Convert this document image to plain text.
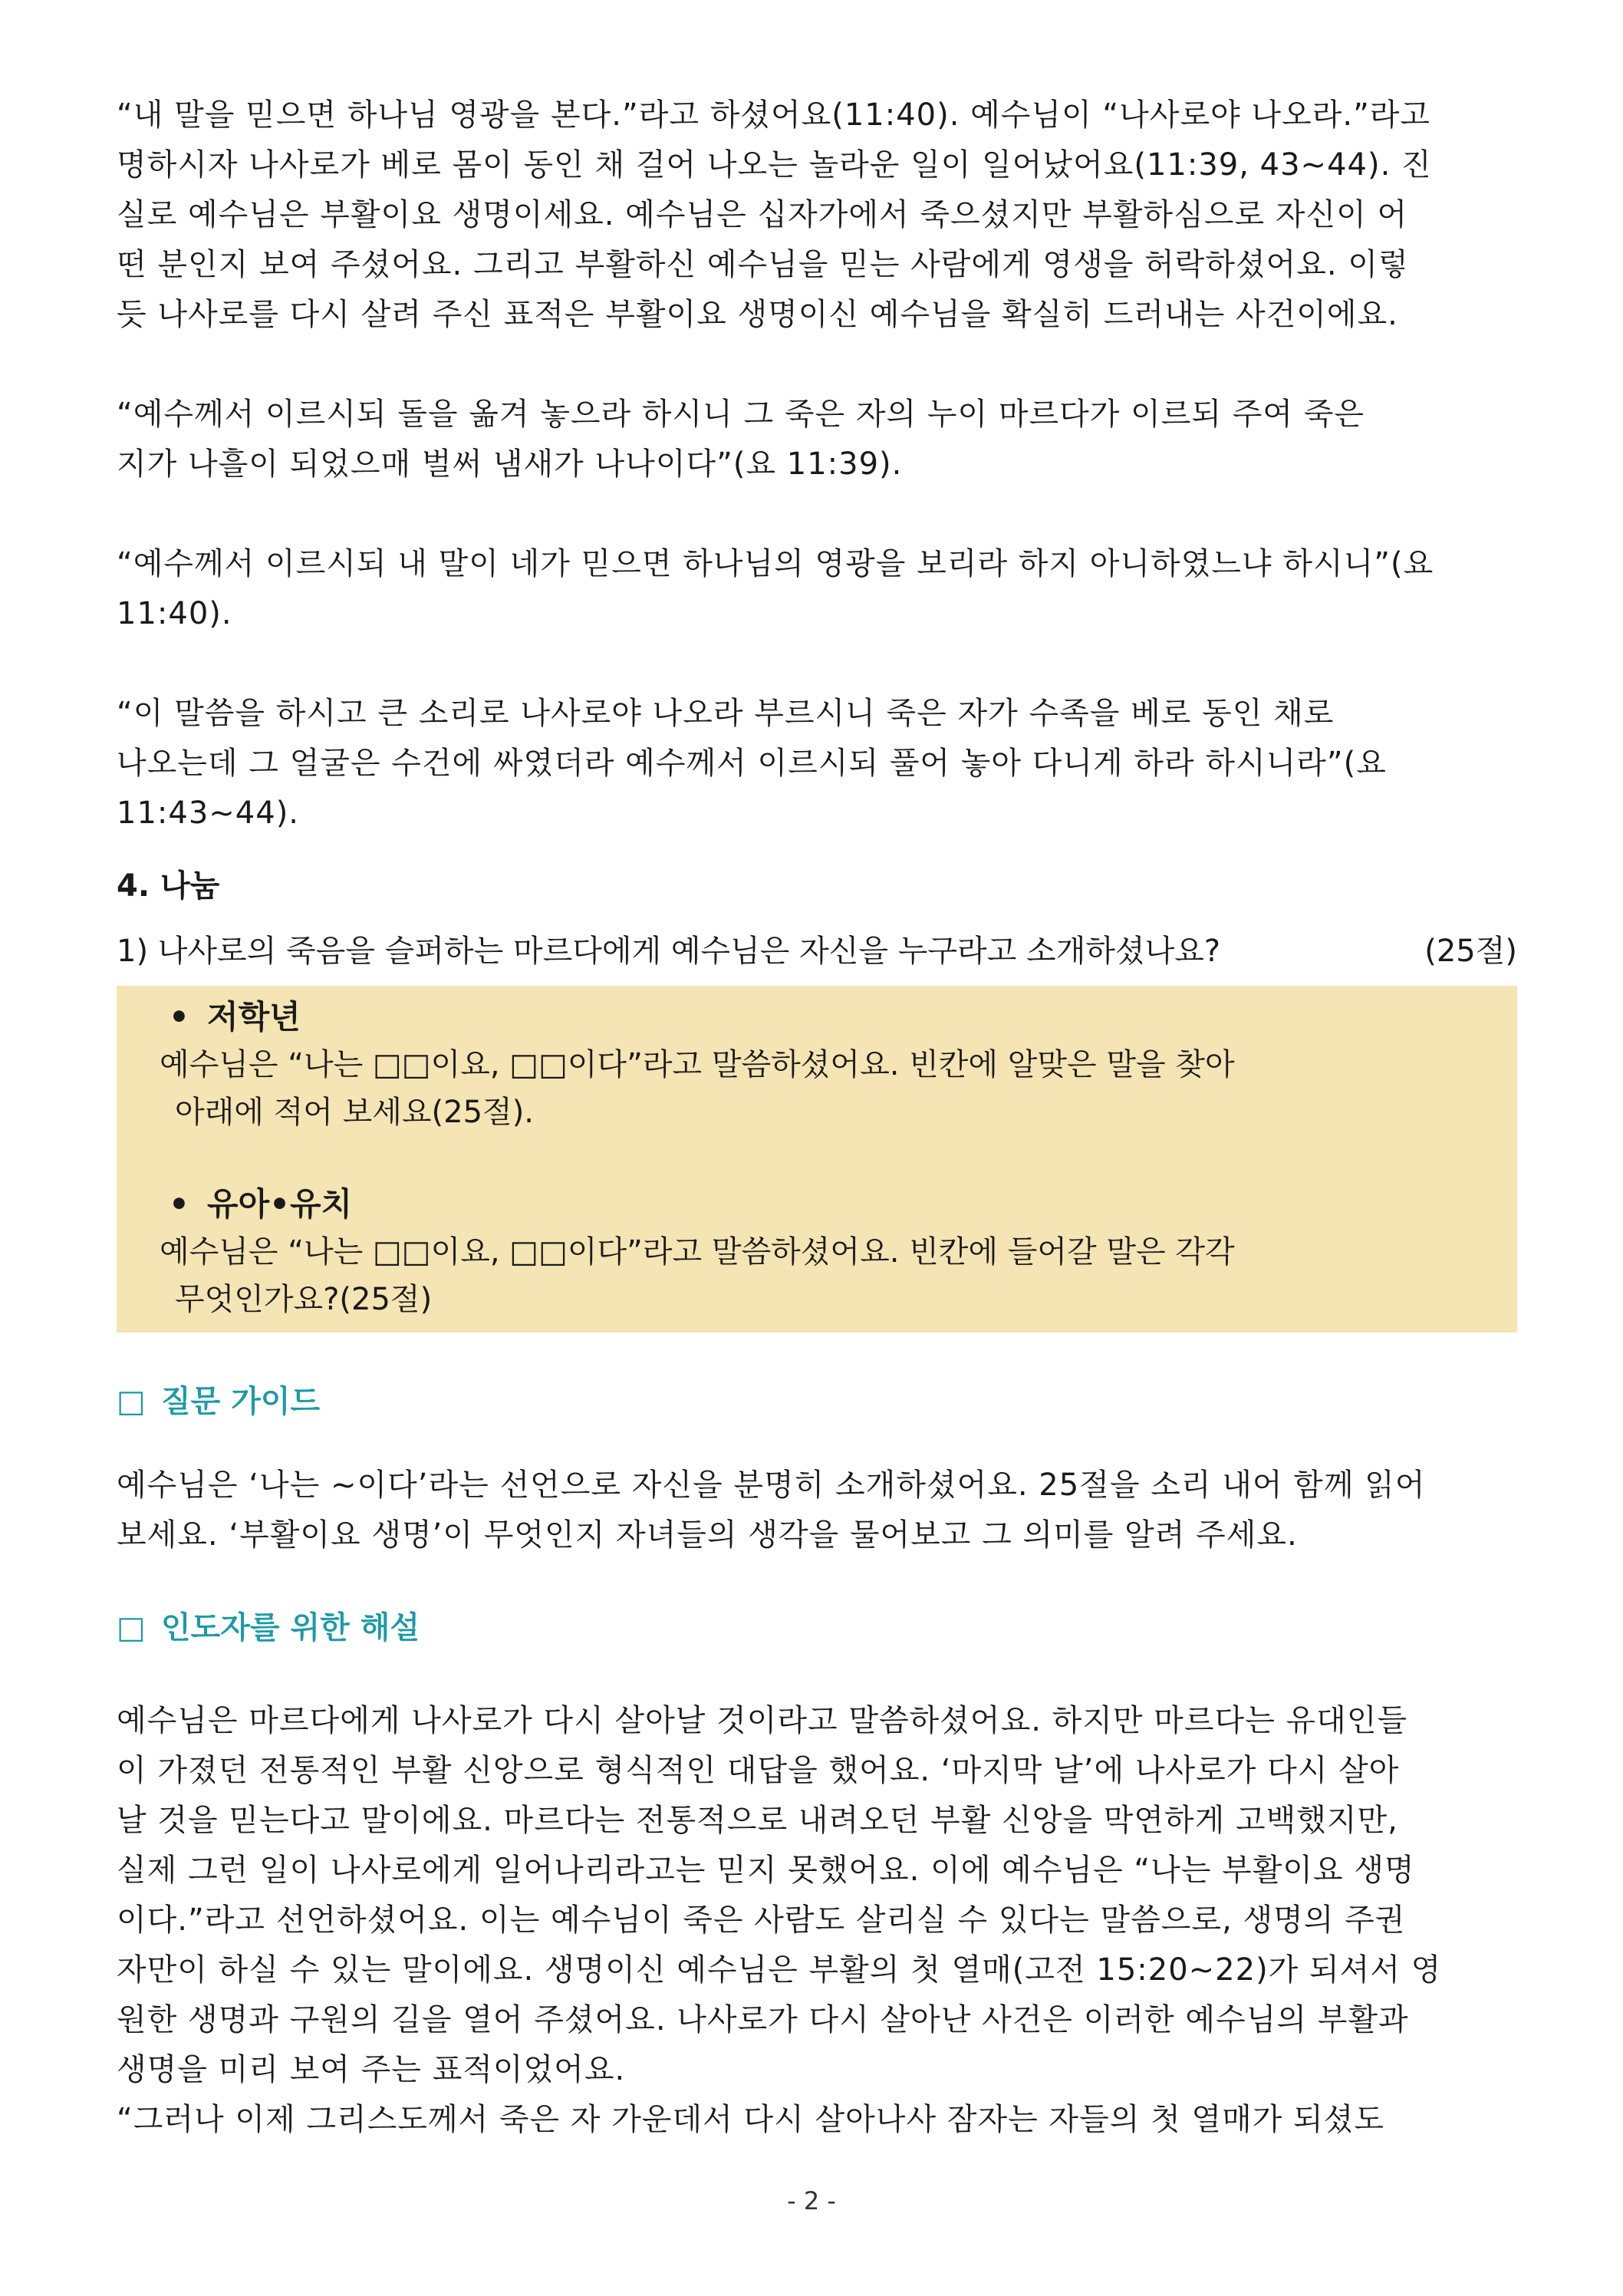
“내 말을 믿으면 하나님 영광을 본다.”라고 하셨어요(11:40). 예수님이 “나사로야 나오라.”라고

명하시자 나사로가 베로 몸이 동인 채 걸어 나오는 놀라운 일이 일어났어요(11:39, 43~44). 진

실로 예수님은 부활이요 생명이세요. 예수님은 십자가에서 죽으셨지만 부활하심으로 자신이 어

떤 분인지 보여 주셨어요. 그리고 부활하신 예수님을 믿는 사람에게 영생을 허락하셨어요. 이렇

듯 나사로를 다시 살려 주신 표적은 부활이요 생명이신 예수님을 확실히 드러내는 사건이에요.

“예수께서 이르시되 돌을 옮겨 놓으라 하시니 그 죽은 자의 누이 마르다가 이르되 주여 죽은

지가 나흘이 되었으매 벌써 냄새가 나나이다”(요 11:39).

“예수께서 이르시되 내 말이 네가 믿으면 하나님의 영광을 보리라 하지 아니하였느냐 하시니”(요

11:40).

“이 말씀을 하시고 큰 소리로 나사로야 나오라 부르시니 죽은 자가 수족을 베로 동인 채로

나오는데 그 얼굴은 수건에 싸였더라 예수께서 이르시되 풀어 놓아 다니게 하라 하시니라”(요

11:43~44).

4. 나눔

1) 나사로의 죽음을 슬퍼하는 마르다에게 예수님은 자신을 누구라고 소개하셨나요?	(25절)

• 저학년

예수님은 “나는 □□이요, □□이다”라고 말씀하셨어요. 빈칸에 알맞은 말을 찾아

아래에 적어 보세요(25절).

• 유아•유치

예수님은 “나는 □□이요, □□이다”라고 말씀하셨어요. 빈칸에 들어갈 말은 각각

무엇인가요?(25절)

□ 질문 가이드

예수님은 ‘나는 ~이다’라는 선언으로 자신을 분명히 소개하셨어요. 25절을 소리 내어 함께 읽어

보세요. ‘부활이요 생명’이 무엇인지 자녀들의 생각을 물어보고 그 의미를 알려 주세요.

□ 인도자를 위한 해설

예수님은 마르다에게 나사로가 다시 살아날 것이라고 말씀하셨어요. 하지만 마르다는 유대인들

이 가졌던 전통적인 부활 신앙으로 형식적인 대답을 했어요. ‘마지막 날’에 나사로가 다시 살아

날 것을 믿는다고 말이에요. 마르다는 전통적으로 내려오던 부활 신앙을 막연하게 고백했지만,

실제 그런 일이 나사로에게 일어나리라고는 믿지 못했어요. 이에 예수님은 “나는 부활이요 생명

이다.”라고 선언하셨어요. 이는 예수님이 죽은 사람도 살리실 수 있다는 말씀으로, 생명의 주권

자만이 하실 수 있는 말이에요. 생명이신 예수님은 부활의 첫 열매(고전 15:20~22)가 되셔서 영

원한 생명과 구원의 길을 열어 주셨어요. 나사로가 다시 살아난 사건은 이러한 예수님의 부활과

생명을 미리 보여 주는 표적이었어요.

“그러나 이제 그리스도께서 죽은 자 가운데서 다시 살아나사 잠자는 자들의 첫 열매가 되셨도

- 2 -
